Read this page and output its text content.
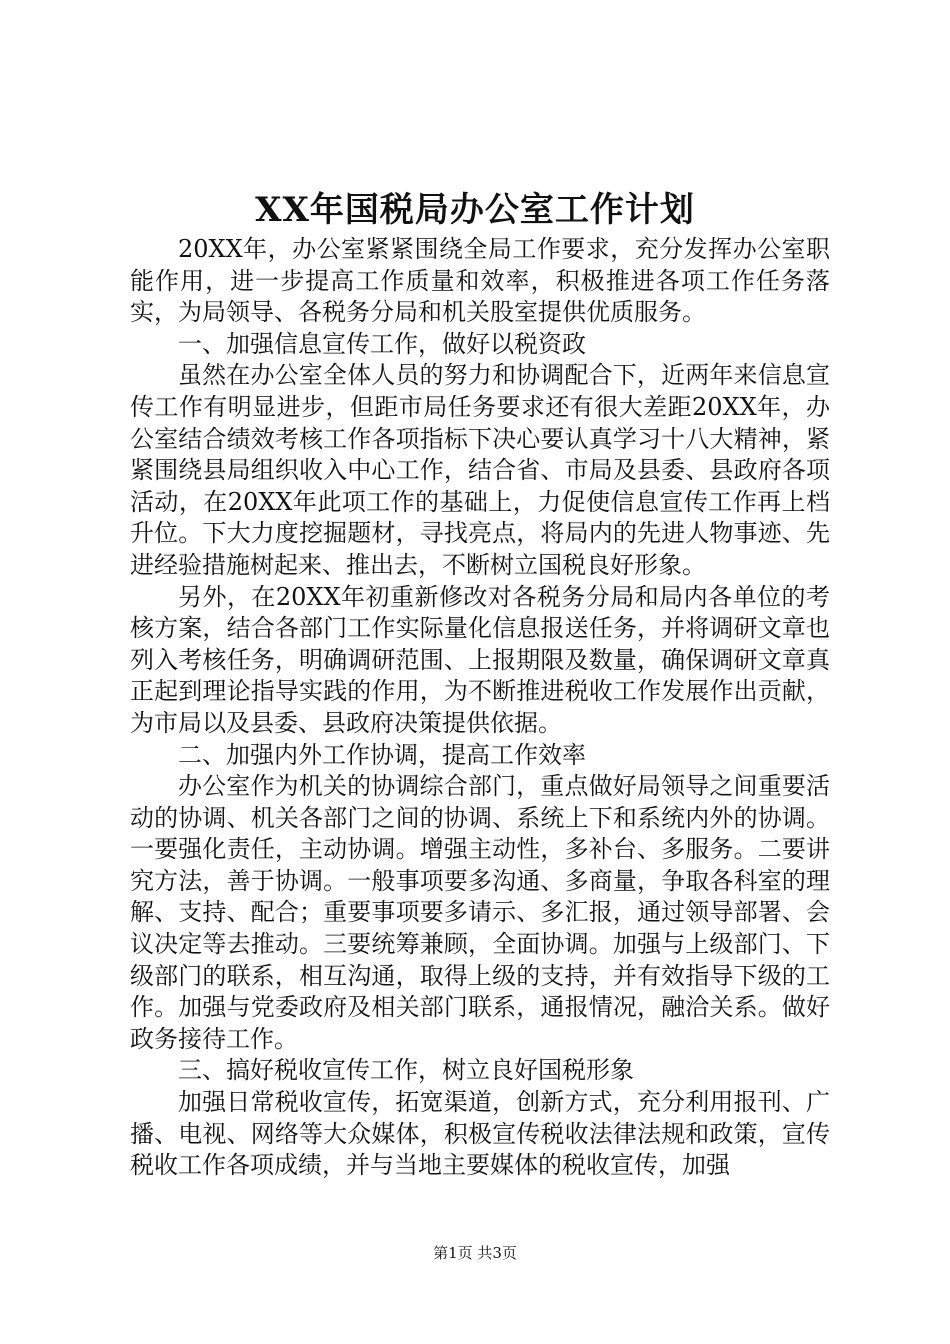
XX年国税局办公室工作计划

20XX年，办公室紧紧围绕全局工作要求，充分发挥办公室职能作用，进一步提高工作质量和效率，积极推进各项工作任务落实，为局领导、各税务分局和机关股室提供优质服务。

一、加强信息宣传工作，做好以税资政

虽然在办公室全体人员的努力和协调配合下，近两年来信息宣传工作有明显进步，但距市局任务要求还有很大差距20XX年，办公室结合绩效考核工作各项指标下决心要认真学习十八大精神，紧紧围绕县局组织收入中心工作，结合省、市局及县委、县政府各项活动，在20XX年此项工作的基础上，力促使信息宣传工作再上档升位。下大力度挖掘题材，寻找亮点，将局内的先进人物事迹、先进经验措施树起来、推出去，不断树立国税良好形象。

另外，在20XX年初重新修改对各税务分局和局内各单位的考核方案，结合各部门工作实际量化信息报送任务，并将调研文章也列入考核任务，明确调研范围、上报期限及数量，确保调研文章真正起到理论指导实践的作用，为不断推进税收工作发展作出贡献，为市局以及县委、县政府决策提供依据。

二、加强内外工作协调，提高工作效率

办公室作为机关的协调综合部门，重点做好局领导之间重要活动的协调、机关各部门之间的协调、系统上下和系统内外的协调。一要强化责任，主动协调。增强主动性，多补台、多服务。二要讲究方法，善于协调。一般事项要多沟通、多商量，争取各科室的理解、支持、配合；重要事项要多请示、多汇报，通过领导部署、会议决定等去推动。三要统筹兼顾，全面协调。加强与上级部门、下级部门的联系，相互沟通，取得上级的支持，并有效指导下级的工作。加强与党委政府及相关部门联系，通报情况，融洽关系。做好政务接待工作。

三、搞好税收宣传工作，树立良好国税形象

加强日常税收宣传，拓宽渠道，创新方式，充分利用报刊、广播、电视、网络等大众媒体，积极宣传税收法律法规和政策，宣传税收工作各项成绩，并与当地主要媒体的税收宣传，加强

第1页 共3页
